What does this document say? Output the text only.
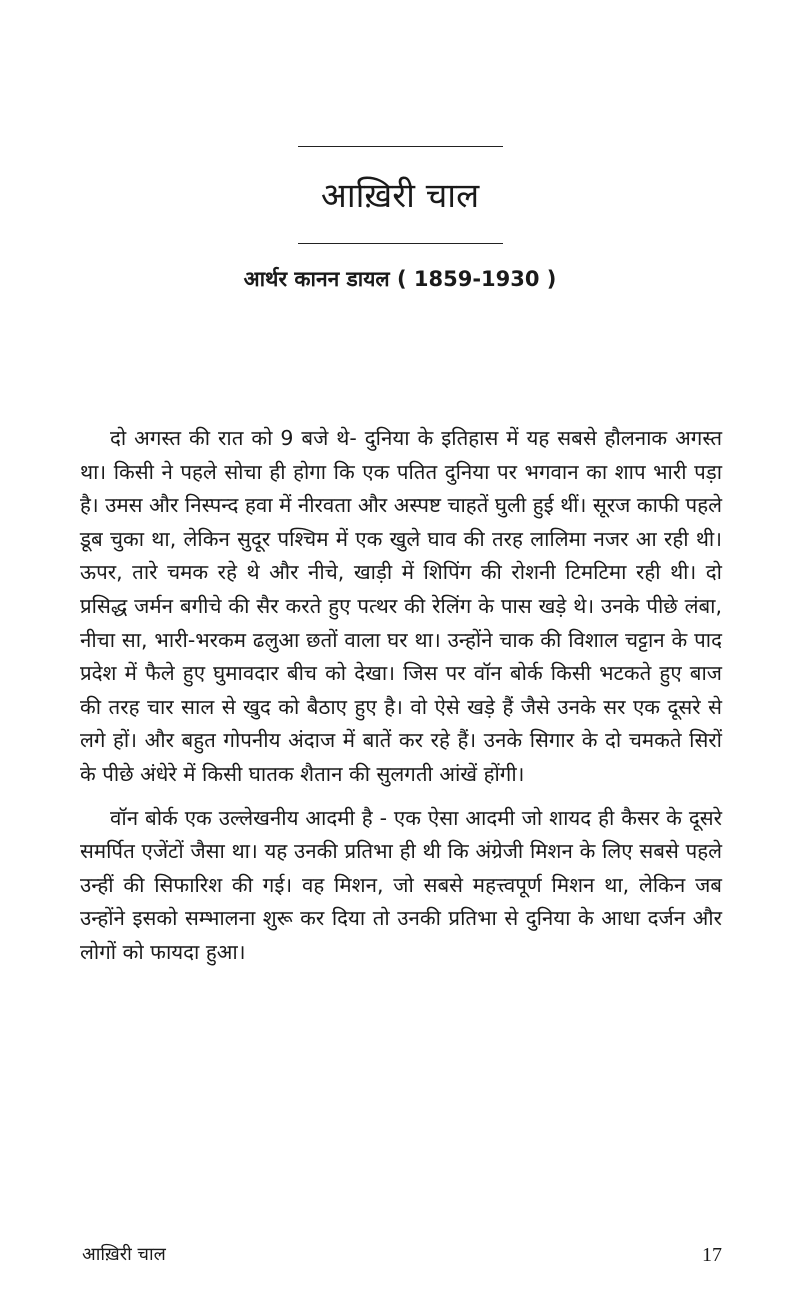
आख़िरी चाल
आर्थर कानन डायल ( 1859-1930 )

दो अगस्त की रात को 9 बजे थे- दुनिया के इतिहास में यह सबसे हौलनाक अगस्त था। किसी ने पहले सोचा ही होगा कि एक पतित दुनिया पर भगवान का शाप भारी पड़ा है। उमस और निस्पन्द हवा में नीरवता और अस्पष्ट चाहतें घुली हुई थीं। सूरज काफी पहले डूब चुका था, लेकिन सुदूर पश्चिम में एक खुले घाव की तरह लालिमा नजर आ रही थी। ऊपर, तारे चमक रहे थे और नीचे, खाड़ी में शिपिंग की रोशनी टिमटिमा रही थी। दो प्रसिद्ध जर्मन बगीचे की सैर करते हुए पत्थर की रेलिंग के पास खड़े थे। उनके पीछे लंबा, नीचा सा, भारी-भरकम ढलुआ छतों वाला घर था। उन्होंने चाक की विशाल चट्टान के पाद प्रदेश में फैले हुए घुमावदार बीच को देखा। जिस पर वॉन बोर्क किसी भटकते हुए बाज की तरह चार साल से खुद को बैठाए हुए है। वो ऐसे खड़े हैं जैसे उनके सर एक दूसरे से लगे हों। और बहुत गोपनीय अंदाज में बातें कर रहे हैं। उनके सिगार के दो चमकते सिरों के पीछे अंधेरे में किसी घातक शैतान की सुलगती आंखें होंगी।

वॉन बोर्क एक उल्लेखनीय आदमी है - एक ऐसा आदमी जो शायद ही कैसर के दूसरे समर्पित एजेंटों जैसा था। यह उनकी प्रतिभा ही थी कि अंग्रेजी मिशन के लिए सबसे पहले उन्हीं की सिफारिश की गई। वह मिशन, जो सबसे महत्त्वपूर्ण मिशन था, लेकिन जब उन्होंने इसको सम्भालना शुरू कर दिया तो उनकी प्रतिभा से दुनिया के आधा दर्जन और लोगों को फायदा हुआ।

आख़िरी चाल	17
